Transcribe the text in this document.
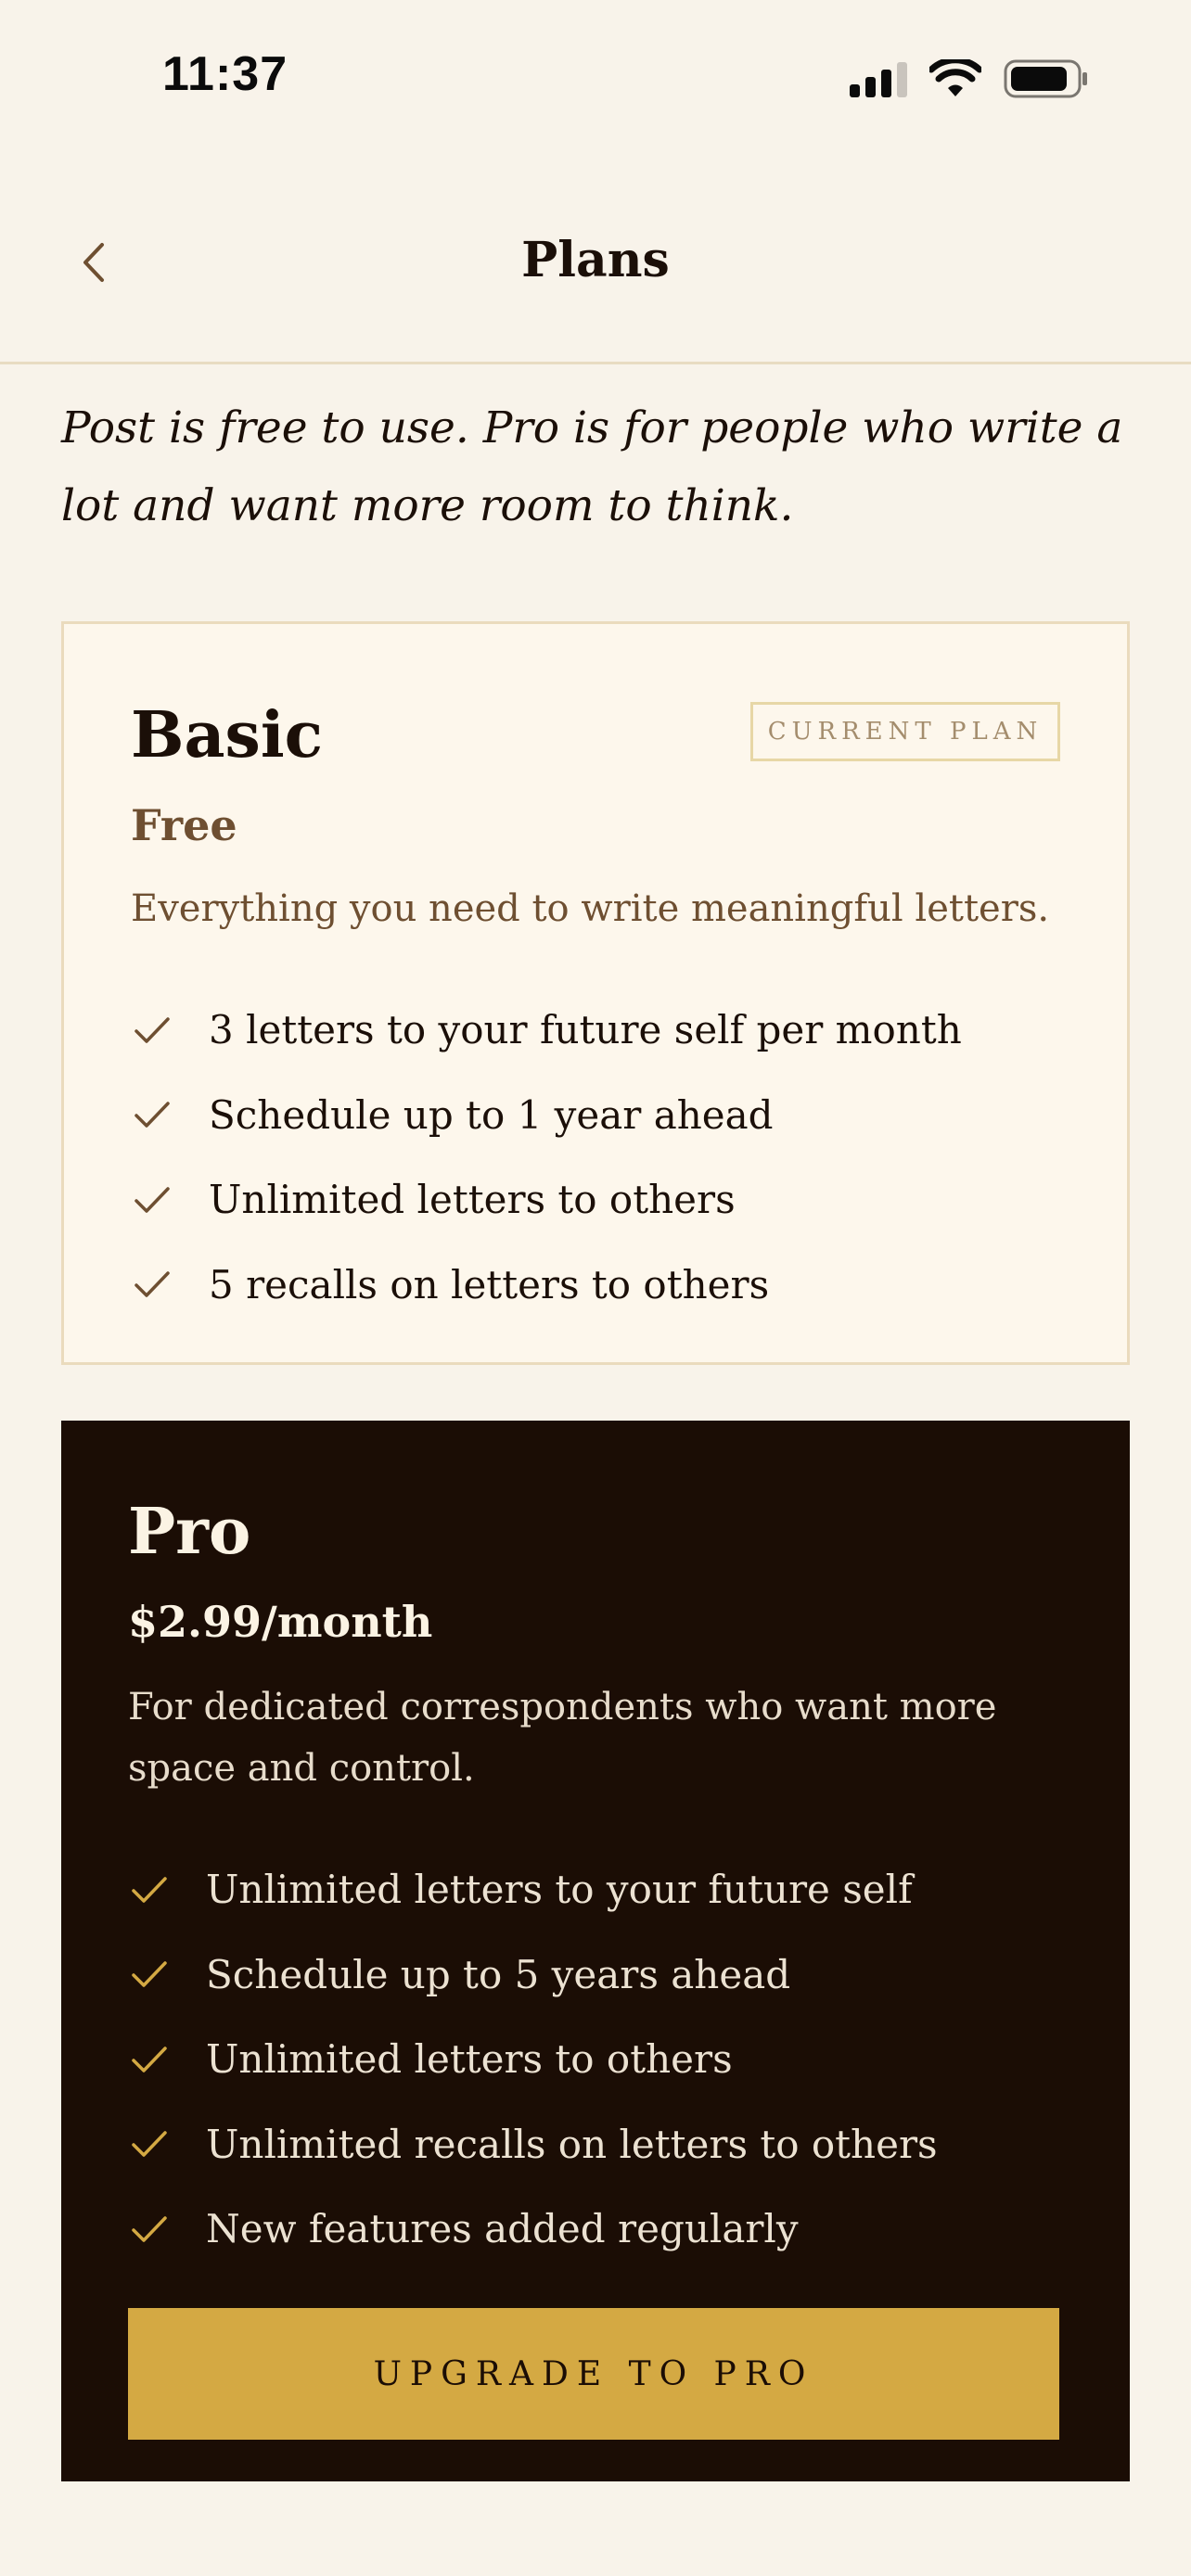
11:37
Plans
Post is free to use. Pro is for people who write a lot and want more room to think.
Basic	CURRENT PLAN
Free
Everything you need to write meaningful letters.
3 letters to your future self per month
Schedule up to 1 year ahead
Unlimited letters to others
5 recalls on letters to others
Pro
$2.99/month
For dedicated correspondents who want more space and control.
Unlimited letters to your future self
Schedule up to 5 years ahead
Unlimited letters to others
Unlimited recalls on letters to others
New features added regularly
UPGRADE TO PRO
